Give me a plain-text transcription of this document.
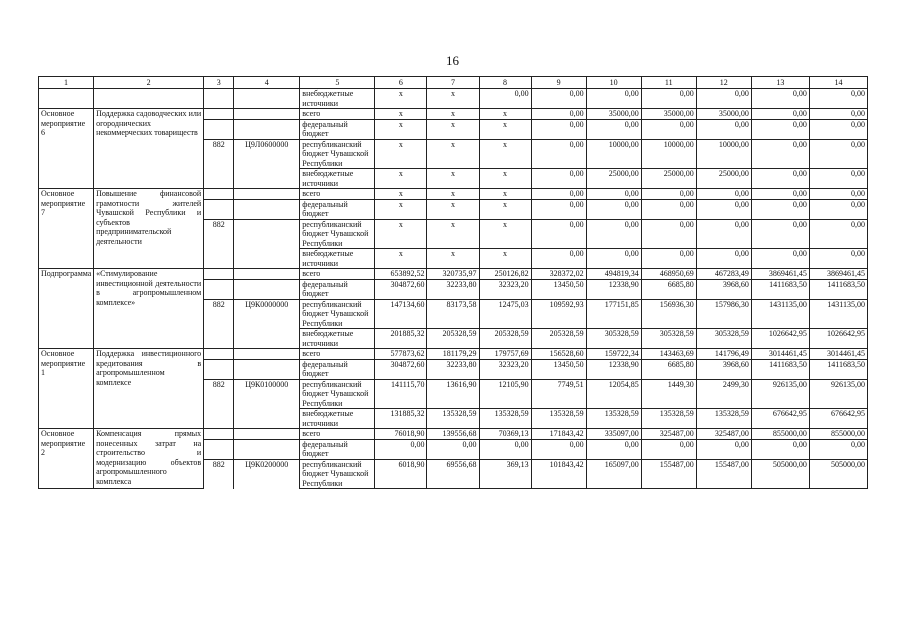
16
1	2	3	4	5	6	7	8	9	10	11	12	13	14
				внебюджетные источники	х	х	0,00	0,00	0,00	0,00	0,00	0,00	0,00
Основное мероприятие 6	Поддержка садоводческих или огороднических некоммерческих товариществ			всего	х	х	х	0,00	35000,00	35000,00	35000,00	0,00	0,00
				федеральный бюджет	х	х	х	0,00	0,00	0,00	0,00	0,00	0,00
		882	Ц9Л0600000	республиканский бюджет Чувашской Республики	х	х	х	0,00	10000,00	10000,00	10000,00	0,00	0,00
				внебюджетные источники	х	х	х	0,00	25000,00	25000,00	25000,00	0,00	0,00
Основное мероприятие 7	Повышение финансовой грамотности жителей Чувашской Республики и субъектов предпринимательской деятельности			всего	х	х	х	0,00	0,00	0,00	0,00	0,00	0,00
				федеральный бюджет	х	х	х	0,00	0,00	0,00	0,00	0,00	0,00
		882		республиканский бюджет Чувашской Республики	х	х	х	0,00	0,00	0,00	0,00	0,00	0,00
				внебюджетные источники	х	х	х	0,00	0,00	0,00	0,00	0,00	0,00
Подпрограмма	«Стимулирование инвестиционной деятельности в агропромышленном комплексе»			всего	653892,52	320735,97	250126,82	328372,02	494819,34	468950,69	467283,49	3869461,45	3869461,45
				федеральный бюджет	304872,60	32233,80	32323,20	13450,50	12338,90	6685,80	3968,60	1411683,50	1411683,50
		882	Ц9К0000000	республиканский бюджет Чувашской Республики	147134,60	83173,58	12475,03	109592,93	177151,85	156936,30	157986,30	1431135,00	1431135,00
				внебюджетные источники	201885,32	205328,59	205328,59	205328,59	305328,59	305328,59	305328,59	1026642,95	1026642,95
Основное мероприятие 1	Поддержка инвестиционного кредитования в агропромышленном комплексе			всего	577873,62	181179,29	179757,69	156528,60	159722,34	143463,69	141796,49	3014461,45	3014461,45
				федеральный бюджет	304872,60	32233,80	32323,20	13450,50	12338,90	6685,80	3968,60	1411683,50	1411683,50
		882	Ц9К0100000	республиканский бюджет Чувашской Республики	141115,70	13616,90	12105,90	7749,51	12054,85	1449,30	2499,30	926135,00	926135,00
				внебюджетные источники	131885,32	135328,59	135328,59	135328,59	135328,59	135328,59	135328,59	676642,95	676642,95
Основное мероприятие 2	Компенсация прямых понесенных затрат на строительство и модернизацию объектов агропромышленного комплекса			всего	76018,90	139556,68	70369,13	171843,42	335097,00	325487,00	325487,00	855000,00	855000,00
				федеральный бюджет	0,00	0,00	0,00	0,00	0,00	0,00	0,00	0,00	0,00
		882	Ц9К0200000	республиканский бюджет Чувашской Республики	6018,90	69556,68	369,13	101843,42	165097,00	155487,00	155487,00	505000,00	505000,00
